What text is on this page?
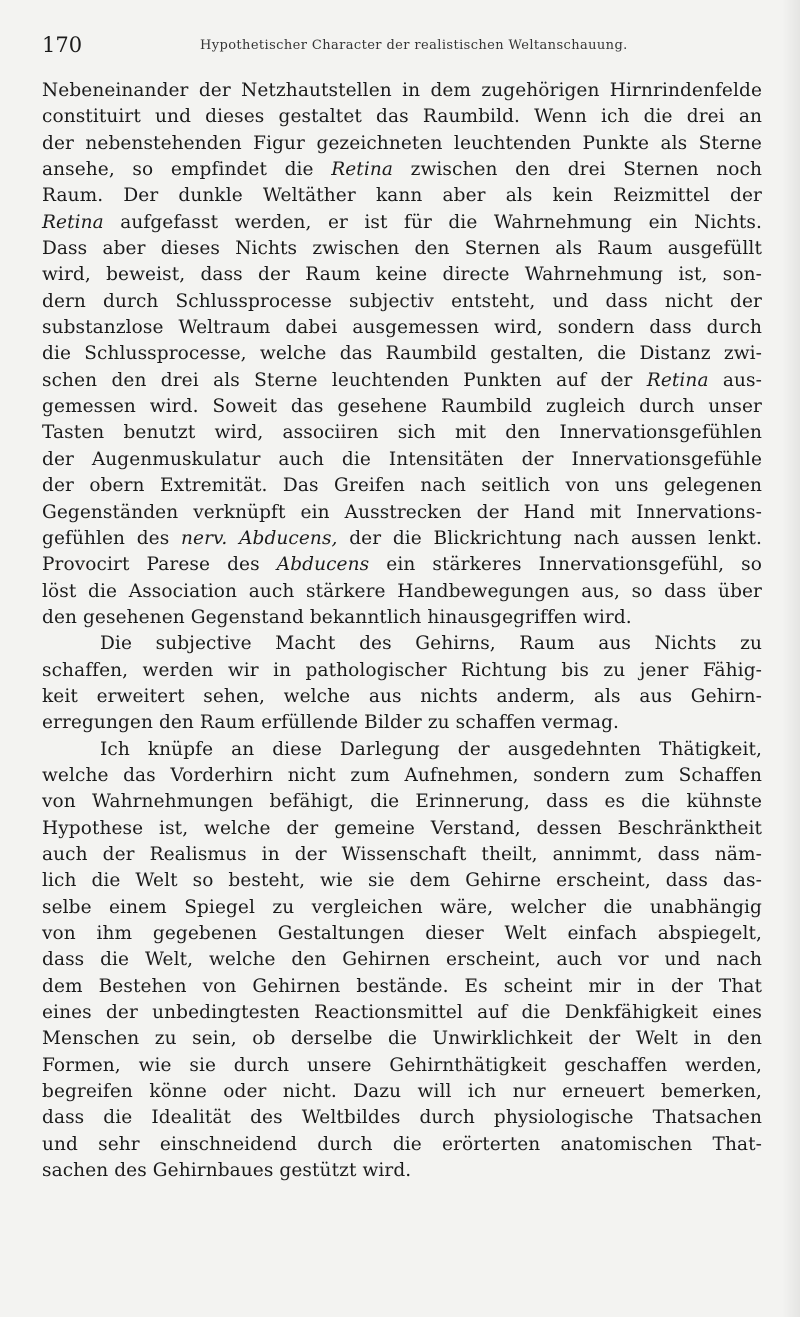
170	Hypothetischer Character der realistischen Weltanschauung.
Nebeneinander der Netzhautstellen in dem zugehörigen Hirnrindenfelde
constituirt und dieses gestaltet das Raumbild. Wenn ich die drei an
der nebenstehenden Figur gezeichneten leuchtenden Punkte als Sterne
ansehe, so empfindet die Retina zwischen den drei Sternen noch
Raum. Der dunkle Weltäther kann aber als kein Reizmittel der
Retina aufgefasst werden, er ist für die Wahrnehmung ein Nichts.
Dass aber dieses Nichts zwischen den Sternen als Raum ausgefüllt
wird, beweist, dass der Raum keine directe Wahrnehmung ist, son-
dern durch Schlussprocesse subjectiv entsteht, und dass nicht der
substanzlose Weltraum dabei ausgemessen wird, sondern dass durch
die Schlussprocesse, welche das Raumbild gestalten, die Distanz zwi-
schen den drei als Sterne leuchtenden Punkten auf der Retina aus-
gemessen wird. Soweit das gesehene Raumbild zugleich durch unser
Tasten benutzt wird, associiren sich mit den Innervationsgefühlen
der Augenmuskulatur auch die Intensitäten der Innervationsgefühle
der obern Extremität. Das Greifen nach seitlich von uns gelegenen
Gegenständen verknüpft ein Ausstrecken der Hand mit Innervations-
gefühlen des nerv. Abducens, der die Blickrichtung nach aussen lenkt.
Provocirt Parese des Abducens ein stärkeres Innervationsgefühl, so
löst die Association auch stärkere Handbewegungen aus, so dass über
den gesehenen Gegenstand bekanntlich hinausgegriffen wird.
Die subjective Macht des Gehirns, Raum aus Nichts zu
schaffen, werden wir in pathologischer Richtung bis zu jener Fähig-
keit erweitert sehen, welche aus nichts anderm, als aus Gehirn-
erregungen den Raum erfüllende Bilder zu schaffen vermag.
Ich knüpfe an diese Darlegung der ausgedehnten Thätigkeit,
welche das Vorderhirn nicht zum Aufnehmen, sondern zum Schaffen
von Wahrnehmungen befähigt, die Erinnerung, dass es die kühnste
Hypothese ist, welche der gemeine Verstand, dessen Beschränktheit
auch der Realismus in der Wissenschaft theilt, annimmt, dass näm-
lich die Welt so besteht, wie sie dem Gehirne erscheint, dass das-
selbe einem Spiegel zu vergleichen wäre, welcher die unabhängig
von ihm gegebenen Gestaltungen dieser Welt einfach abspiegelt,
dass die Welt, welche den Gehirnen erscheint, auch vor und nach
dem Bestehen von Gehirnen bestände. Es scheint mir in der That
eines der unbedingtesten Reactionsmittel auf die Denkfähigkeit eines
Menschen zu sein, ob derselbe die Unwirklichkeit der Welt in den
Formen, wie sie durch unsere Gehirnthätigkeit geschaffen werden,
begreifen könne oder nicht. Dazu will ich nur erneuert bemerken,
dass die Idealität des Weltbildes durch physiologische Thatsachen
und sehr einschneidend durch die erörterten anatomischen That-
sachen des Gehirnbaues gestützt wird.
